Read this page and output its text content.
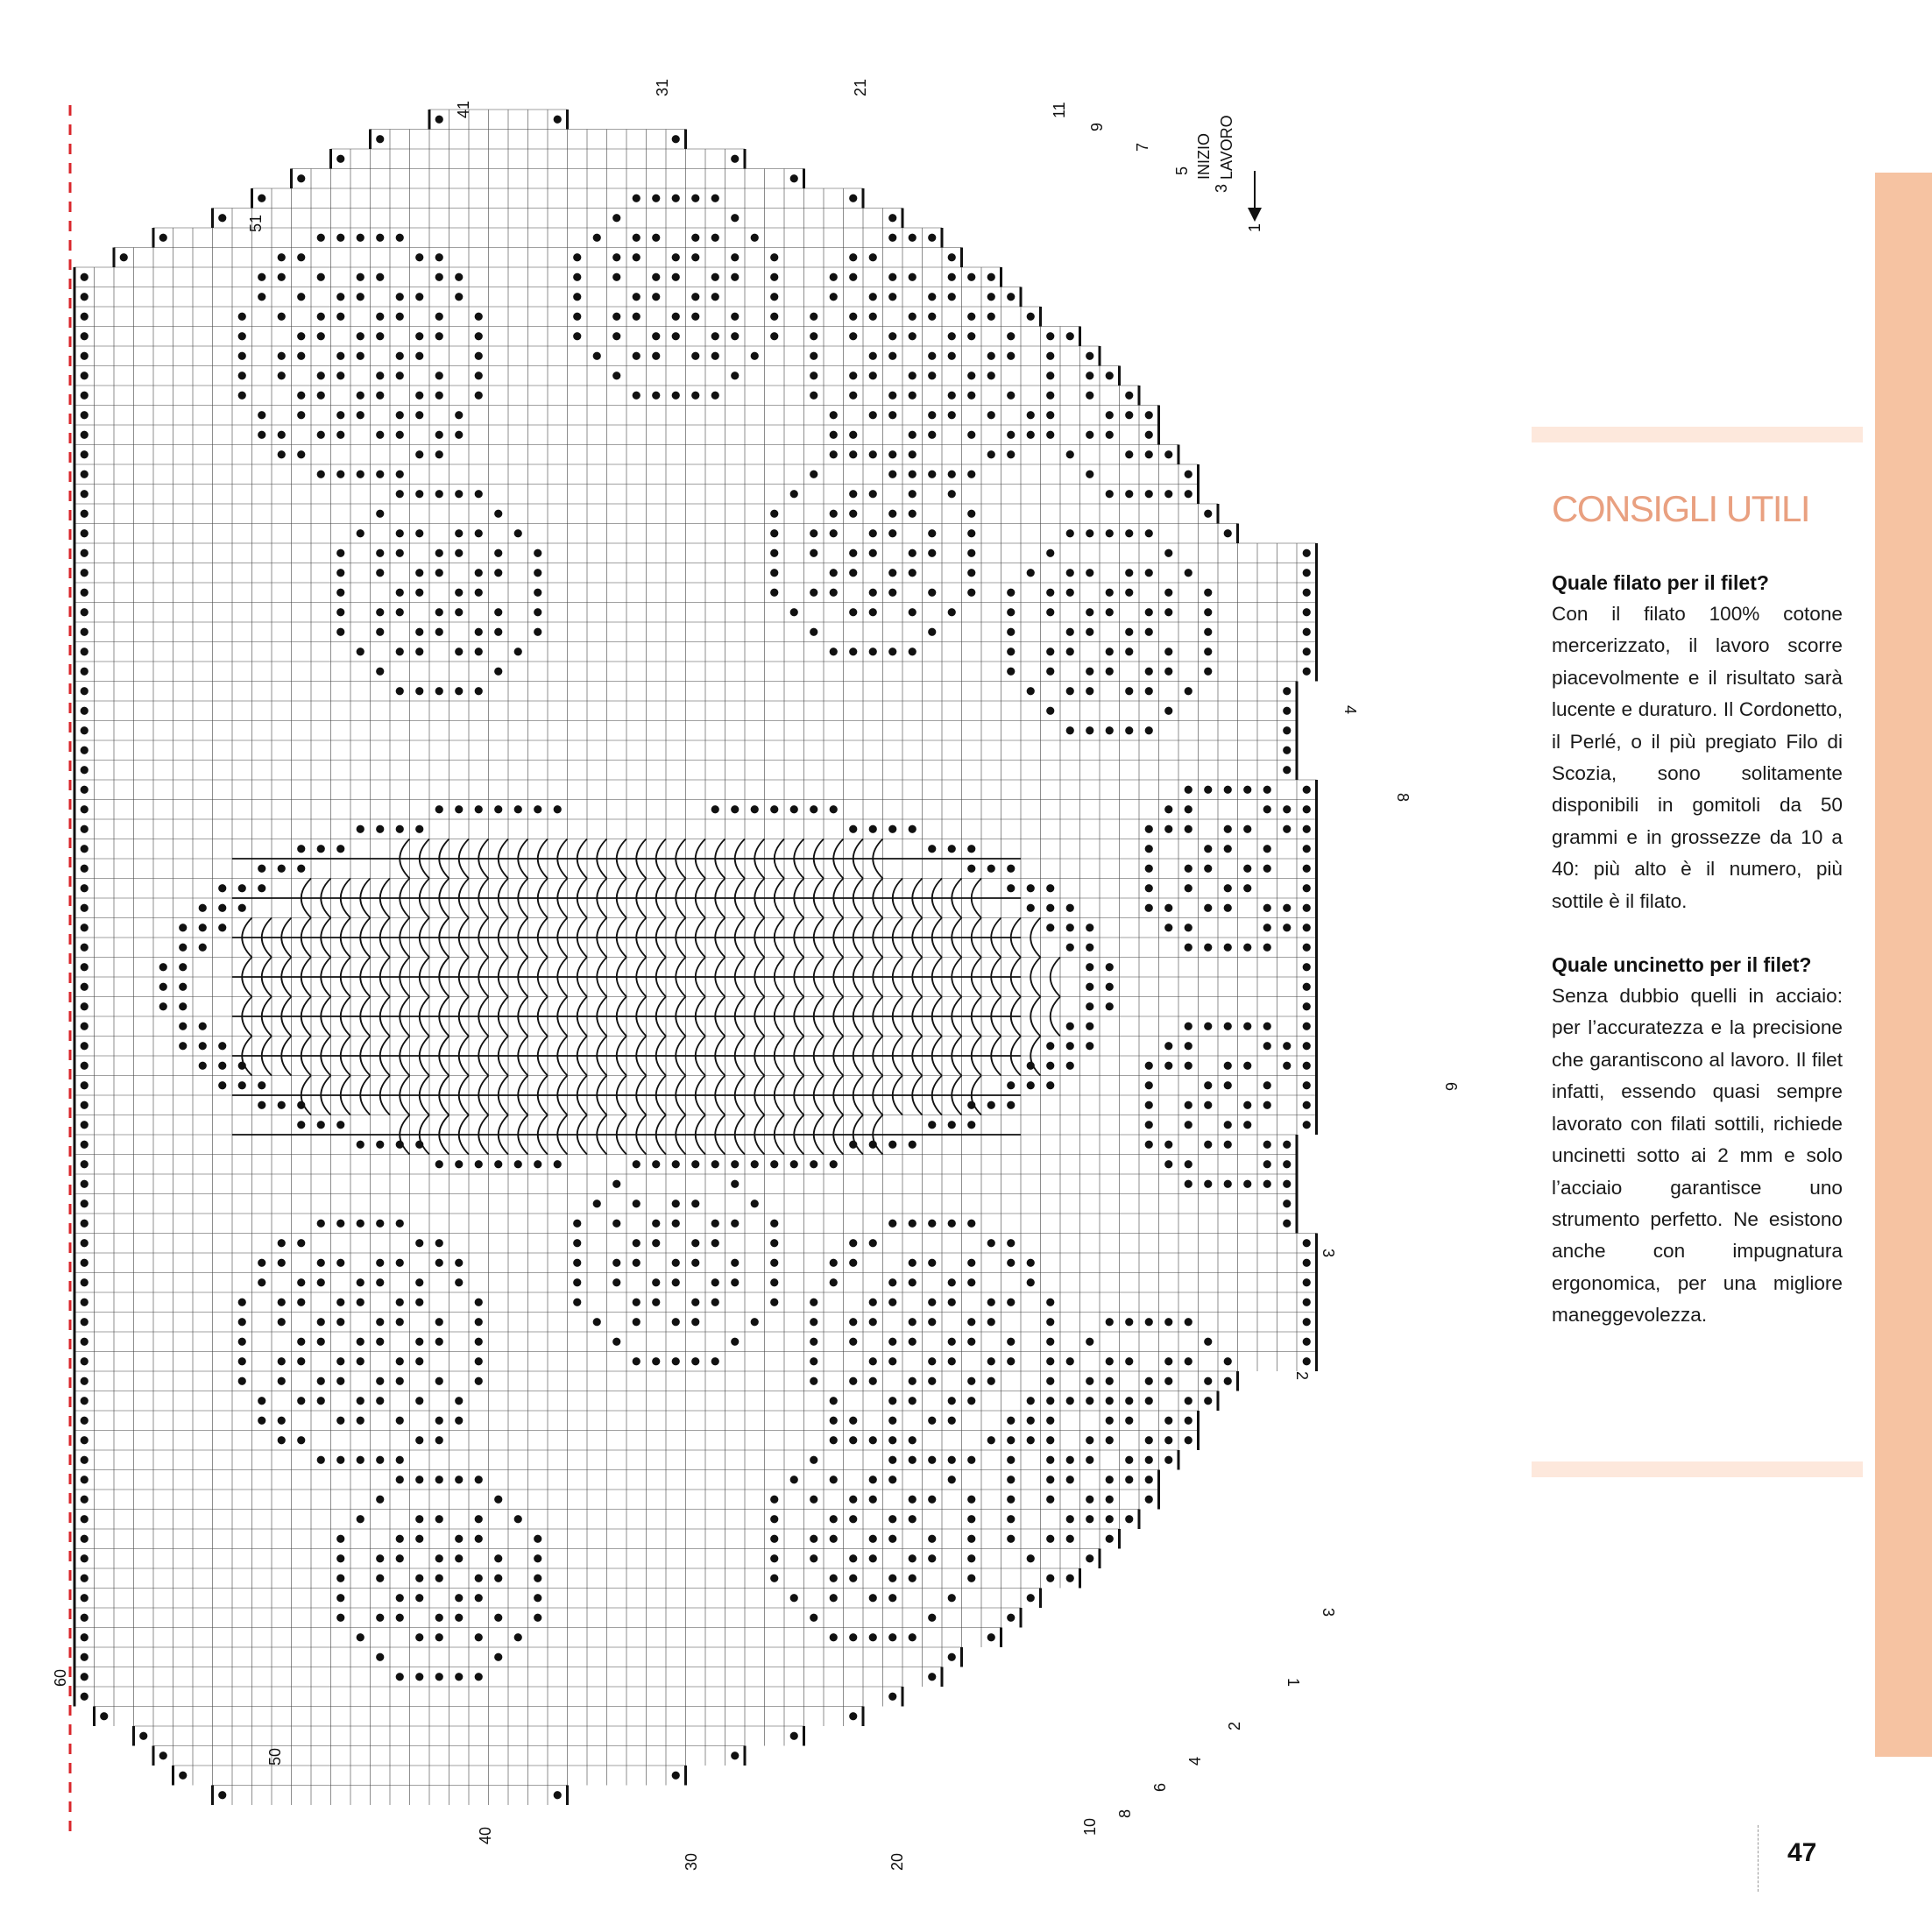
INIZIO LAVORO
41
31	21
11
9
7
5
3
1
51
4
8
6
3
2
3
1
60
50
40
30	20
10
8
6
4
2
CONSIGLI UTILI

Quale filato per il filet?

Con il filato 100% cotone mercerizzato, il lavoro scorre piacevolmente e il risultato sarà lucente e duraturo. Il Cordonetto, il Perlé, o il più pregiato Filo di Scozia, sono solitamente disponibili in gomitoli da 50 grammi e in grossezze da 10 a 40: più alto è il numero, più sottile è il filato.

Quale uncinetto per il filet?

Senza dubbio quelli in acciaio: per l’accuratezza e la precisione che garantiscono al lavoro. Il filet infatti, essendo quasi sempre lavorato con filati sottili, richiede uncinetti sotto ai 2 mm e solo l’acciaio garantisce uno strumento perfetto. Ne esistono anche con impugnatura ergonomica, per una migliore maneggevolezza.

47
